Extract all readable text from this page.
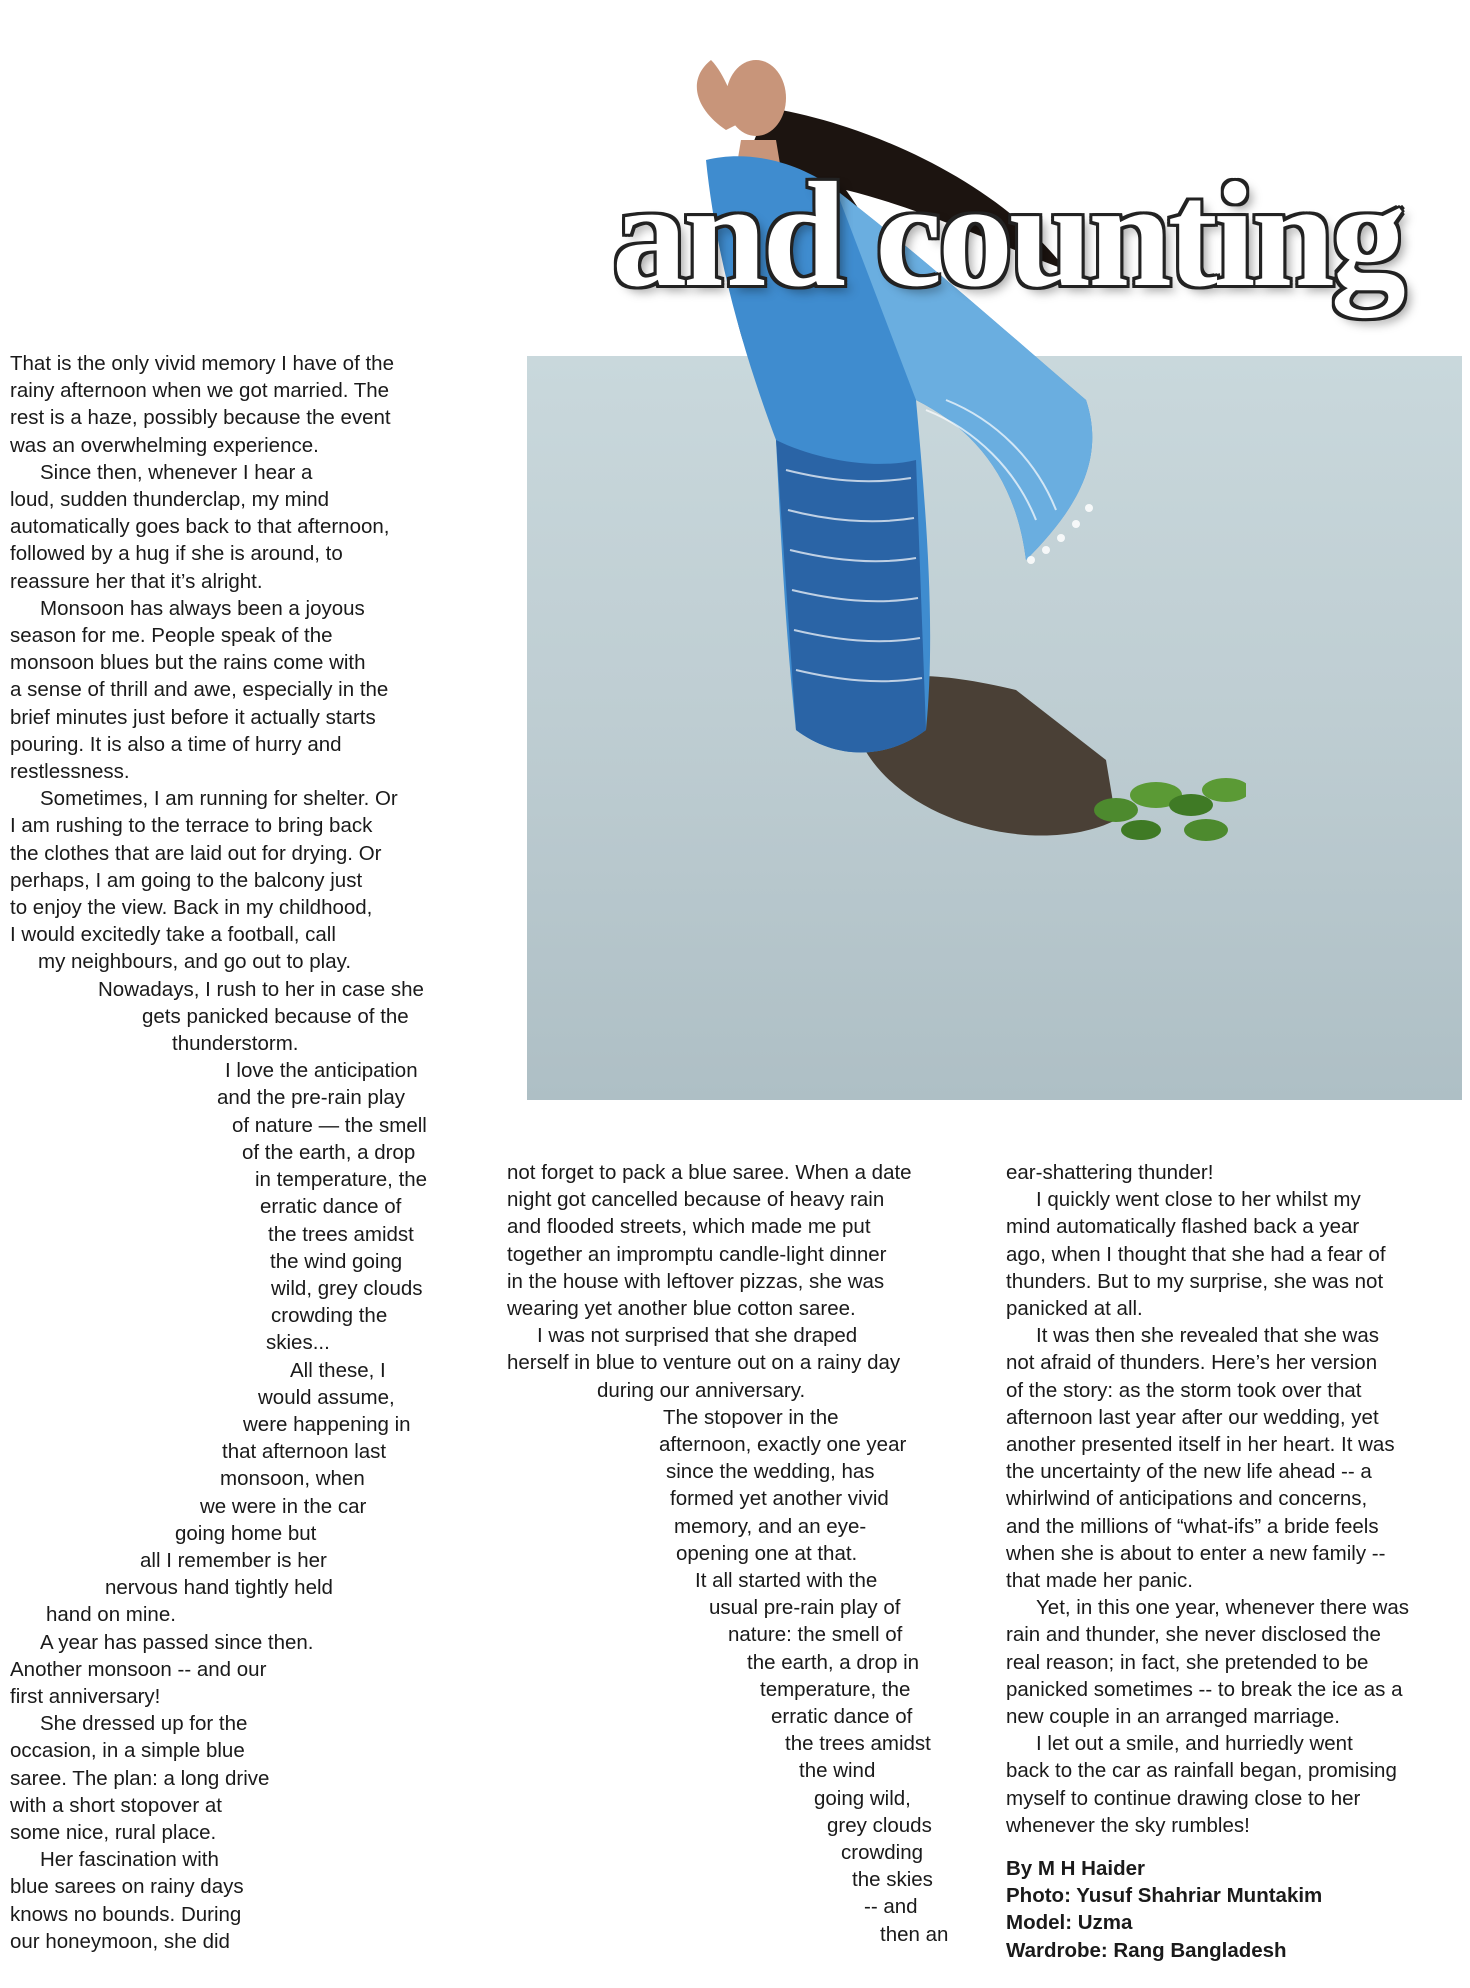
and counting

That is the only vivid memory I have of the

rainy afternoon when we got married. The

rest is a haze, possibly because the event

was an overwhelming experience.

Since then, whenever I hear a

loud, sudden thunderclap, my mind

automatically goes back to that afternoon,

followed by a hug if she is around, to

reassure her that it’s alright.

Monsoon has always been a joyous

season for me. People speak of the

monsoon blues but the rains come with

a sense of thrill and awe, especially in the

brief minutes just before it actually starts

pouring. It is also a time of hurry and

restlessness.

Sometimes, I am running for shelter. Or

I am rushing to the terrace to bring back

the clothes that are laid out for drying. Or

perhaps, I am going to the balcony just

to enjoy the view. Back in my childhood,

I would excitedly take a football, call

my neighbours, and go out to play.

Nowadays, I rush to her in case she

gets panicked because of the

thunderstorm.

I love the anticipation

and the pre-rain play

of nature — the smell

of the earth, a drop

in temperature, the

erratic dance of

the trees amidst

the wind going

wild, grey clouds

crowding the

skies...

All these, I

would assume,

were happening in

that afternoon last

monsoon, when

we were in the car

going home but

all I remember is her

nervous hand tightly held

hand on mine.

A year has passed since then.

Another monsoon -- and our

first anniversary!

She dressed up for the

occasion, in a simple blue

saree. The plan: a long drive

with a short stopover at

some nice, rural place.

Her fascination with

blue sarees on rainy days

knows no bounds. During

our honeymoon, she did

not forget to pack a blue saree. When a date

night got cancelled because of heavy rain

and flooded streets, which made me put

together an impromptu candle-light dinner

in the house with leftover pizzas, she was

wearing yet another blue cotton saree.

I was not surprised that she draped

herself in blue to venture out on a rainy day

during our anniversary.

The stopover in the

afternoon, exactly one year

since the wedding, has

formed yet another vivid

memory, and an eye-

opening one at that.

It all started with the

usual pre-rain play of

nature: the smell of

the earth, a drop in

temperature, the

erratic dance of

the trees amidst

the wind

going wild,

grey clouds

crowding

the skies

-- and

then an

ear-shattering thunder!

I quickly went close to her whilst my

mind automatically flashed back a year

ago, when I thought that she had a fear of

thunders. But to my surprise, she was not

panicked at all.

It was then she revealed that she was

not afraid of thunders. Here’s her version

of the story: as the storm took over that

afternoon last year after our wedding, yet

another presented itself in her heart. It was

the uncertainty of the new life ahead -- a

whirlwind of anticipations and concerns,

and the millions of “what-ifs” a bride feels

when she is about to enter a new family --

that made her panic.

Yet, in this one year, whenever there was

rain and thunder, she never disclosed the

real reason; in fact, she pretended to be

panicked sometimes -- to break the ice as a

new couple in an arranged marriage.

I let out a smile, and hurriedly went

back to the car as rainfall began, promising

myself to continue drawing close to her

whenever the sky rumbles!

By M H Haider

Photo: Yusuf Shahriar Muntakim

Model: Uzma

Wardrobe: Rang Bangladesh
